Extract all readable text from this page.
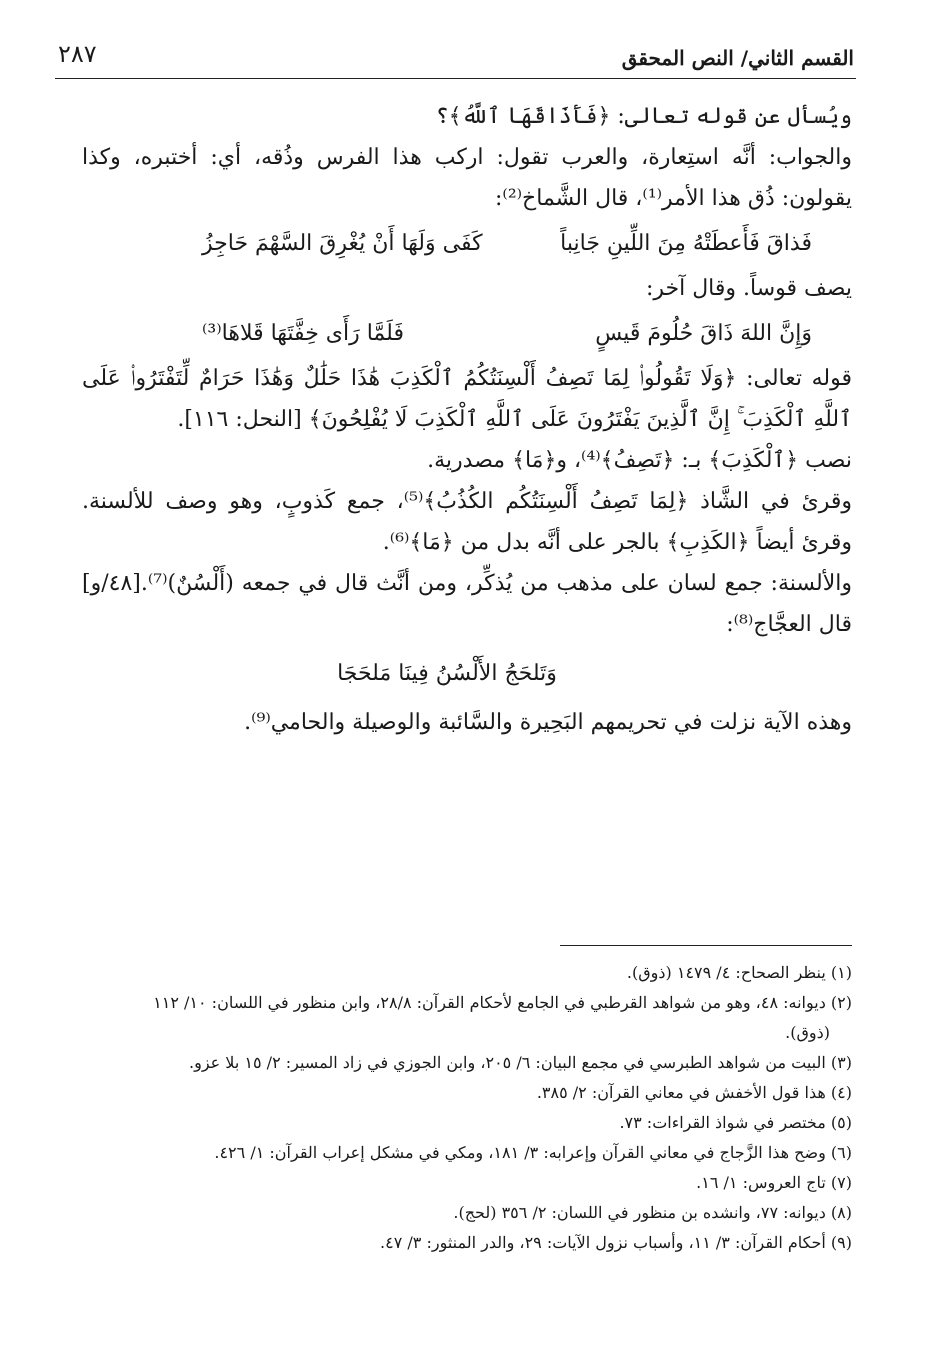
٢٨٧	القسم الثاني/ النص المحقق

ويُسأل عن قوله تعالى: ﴿فَأَذَاقَهَا ٱللَّهُ﴾؟

والجواب: أنَّه استِعارة، والعرب تقول: اركب هذا الفرس وذُقه، أي: أختبره، وكذا يقولون: ذُق هذا الأمر⁽¹⁾، قال الشَّماخ⁽²⁾:

فَذاقَ فَأَعطَتْهُ مِنَ اللِّينِ جَانِباً
كَفَى وَلَهَا أَنْ يُغْرِقَ السَّهْمَ حَاجِزُ

يصف قوساً. وقال آخر:

وَإِنَّ اللهَ ذَاقَ حُلُومَ قَيسٍ
فَلَمَّا رَأَى خِفَّتَهَا قَلاهَا⁽³⁾

قوله تعالى: ﴿وَلَا تَقُولُوا۟ لِمَا تَصِفُ أَلْسِنَتُكُمُ ٱلْكَذِبَ هَٰذَا حَلَٰلٌ وَهَٰذَا حَرَامٌ لِّتَفْتَرُوا۟ عَلَى ٱللَّهِ ٱلْكَذِبَ ۚ إِنَّ ٱلَّذِينَ يَفْتَرُونَ عَلَى ٱللَّهِ ٱلْكَذِبَ لَا يُفْلِحُونَ﴾ [النحل: ١١٦].

نصب ﴿ٱلْكَذِبَ﴾ بـ: ﴿تَصِفُ﴾⁽⁴⁾، و﴿مَا﴾ مصدرية.

وقرئ في الشَّاذ ﴿لِمَا تَصِفُ أَلْسِنَتُكُم الكُذُبُ﴾⁽⁵⁾، جمع كَذوبٍ، وهو وصف للألسنة. وقرئ أيضاً ﴿الكَذِبِ﴾ بالجر على أنَّه بدل من ﴿مَا﴾⁽⁶⁾.

والألسنة: جمع لسان على مذهب من يُذكِّر، ومن أنَّث قال في جمعه (أَلْسُنٌ)⁽⁷⁾.[٤٨/و] قال العجَّاج⁽⁸⁾:

وَتَلحَجُ الأَلْسُنُ فِينَا مَلحَجَا

وهذه الآية نزلت في تحريمهم البَحِيرة والسَّائبة والوصيلة والحامي⁽⁹⁾.

(١) ينظر الصحاح: ٤/ ١٤٧٩ (ذوق).

(٢) ديوانه: ٤٨، وهو من شواهد القرطبي في الجامع لأحكام القرآن: ٢٨/٨، وابن منظور في اللسان: ١٠/ ١١٢

(ذوق).

(٣) البيت من شواهد الطبرسي في مجمع البيان: ٦/ ٢٠٥، وابن الجوزي في زاد المسير: ٢/ ١٥ بلا عزو.

(٤) هذا قول الأخفش في معاني القرآن: ٢/ ٣٨٥.

(٥) مختصر في شواذ القراءات: ٧٣.

(٦) وضح هذا الزَّجاج في معاني القرآن وإعرابه: ٣/ ١٨١، ومكي في مشكل إعراب القرآن: ١/ ٤٢٦.

(٧) تاج العروس: ١/ ١٦.

(٨) ديوانه: ٧٧، وانشده بن منظور في اللسان: ٢/ ٣٥٦ (لحج).

(٩) أحكام القرآن: ٣/ ١١، وأسباب نزول الآيات: ٢٩، والدر المنثور: ٣/ ٤٧.
